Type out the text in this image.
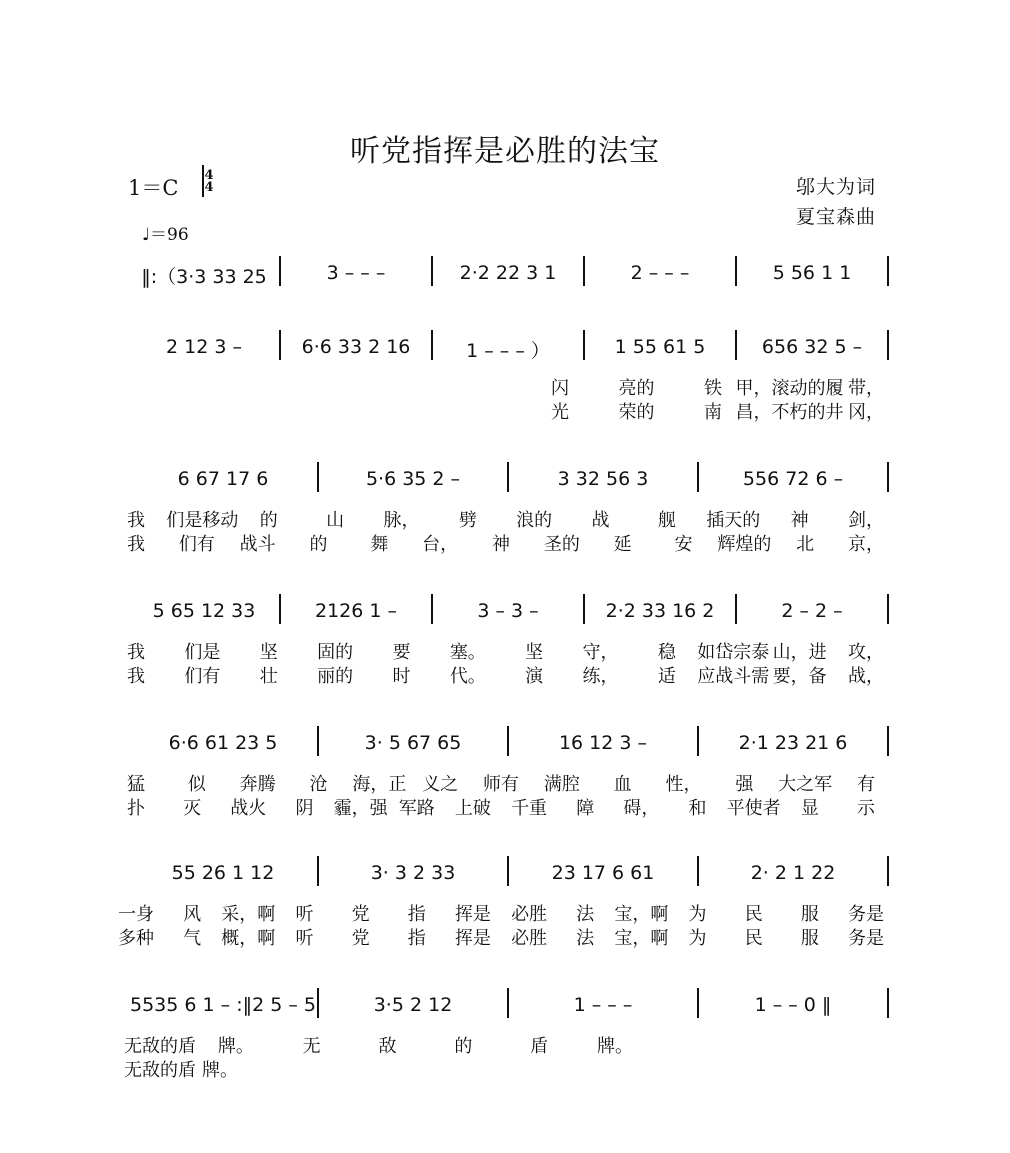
听党指挥是必胜的法宝
1＝C
4
4
♩＝96
邬大为词
夏宝森曲
‖:（3·3 33 25	3 – – –	2·2 22 3 1	2 – – –	5 56 1 1
2 12 3 –	6·6 33 2 16	1 – – – ）	1 55 61 5	656 32 5 –
闪	亮的	铁 甲，滚动的履 带，
光	荣的	南 昌，不朽的井 冈，
6 67 17 6	5·6 35 2 –	3 32 56 3	556 72 6 –
我 们是移动 的	山 脉， 劈 浪的 战	舰 插天的 神 剑，
我 们有 战斗 的 舞 台， 神 圣的 延 安 辉煌的 北 京，
5 65 12 33	2126 1 –	3 – 3 –	2·2 33 16 2	2 – 2 –
我 们是 坚 固的 要 塞。 坚 守， 稳 如岱宗泰 山，进 攻，
我 们有 壮 丽的 时 代。 演 练， 适 应战斗需 要，备 战，
6·6 61 23 5	3· 5 67 65	16 12 3 –	2·1 23 21 6
猛 似 奔腾 沧 海，正 义之 师有 满腔 血 性， 强 大之军 有
扑 灭 战火 阴 霾，强 军路 上破 千重 障 碍， 和 平使者 显 示
55 26 1 12	3· 3 2 33	23 17 6 61	2· 2 1 22
一身 风 采，啊 听 党 指 挥是 必胜 法 宝，啊 为 民 服 务是
多种 气 概，啊 听 党 指 挥是 必胜 法 宝，啊 为 民 服 务是
5535 6 1 – :‖2 5 – 5	3·5 2 12	1 – – –	1 – – 0 ‖
无敌的盾 牌。	无	敌	的	盾	牌。
无敌的盾 牌。
